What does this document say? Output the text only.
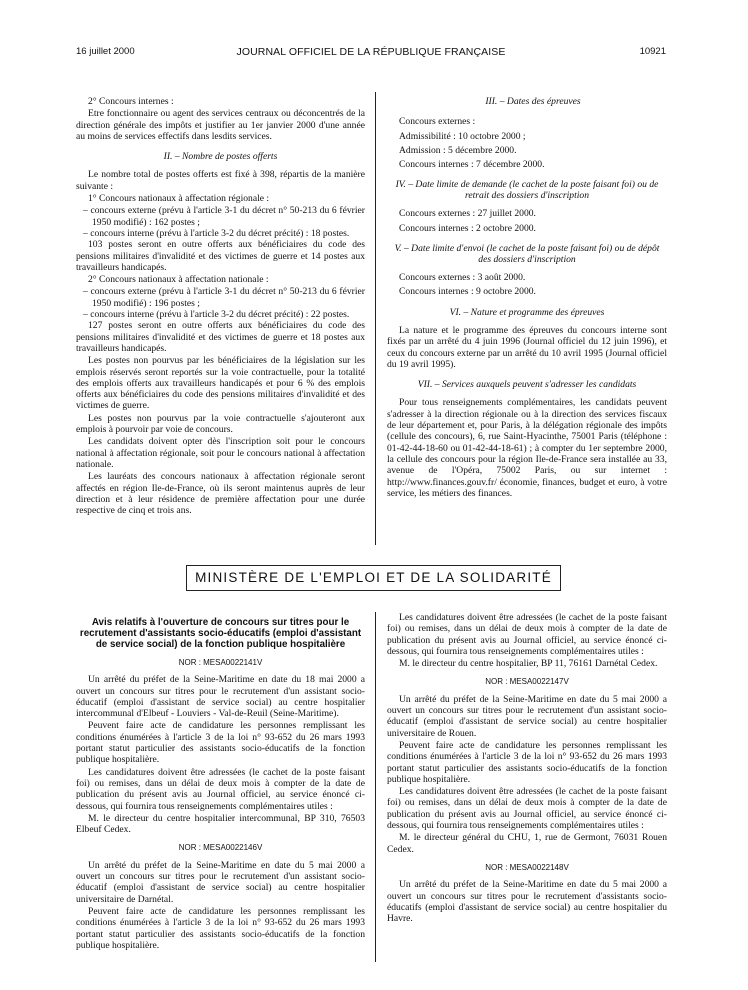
16 juillet 2000	JOURNAL OFFICIEL DE LA RÉPUBLIQUE FRANÇAISE	10921

2° Concours internes :

Etre fonctionnaire ou agent des services centraux ou déconcentrés de la direction générale des impôts et justifier au 1er janvier 2000 d'une année au moins de services effectifs dans lesdits services.

II. – Nombre de postes offerts

Le nombre total de postes offerts est fixé à 398, répartis de la manière suivante :

1° Concours nationaux à affectation régionale :

– concours externe (prévu à l'article 3-1 du décret n° 50-213 du 6 février 1950 modifié) : 162 postes ;
– concours interne (prévu à l'article 3-2 du décret précité) : 18 postes.

103 postes seront en outre offerts aux bénéficiaires du code des pensions militaires d'invalidité et des victimes de guerre et 14 postes aux travailleurs handicapés.

2° Concours nationaux à affectation nationale :

– concours externe (prévu à l'article 3-1 du décret n° 50-213 du 6 février 1950 modifié) : 196 postes ;
– concours interne (prévu à l'article 3-2 du décret précité) : 22 postes.

127 postes seront en outre offerts aux bénéficiaires du code des pensions militaires d'invalidité et des victimes de guerre et 18 postes aux travailleurs handicapés.

Les postes non pourvus par les bénéficiaires de la législation sur les emplois réservés seront reportés sur la voie contractuelle, pour la totalité des emplois offerts aux travailleurs handicapés et pour 6 % des emplois offerts aux bénéficiaires du code des pensions militaires d'invalidité et des victimes de guerre.

Les postes non pourvus par la voie contractuelle s'ajouteront aux emplois à pourvoir par voie de concours.

Les candidats doivent opter dès l'inscription soit pour le concours national à affectation régionale, soit pour le concours national à affectation nationale.

Les lauréats des concours nationaux à affectation régionale seront affectés en région Ile-de-France, où ils seront maintenus auprès de leur direction et à leur résidence de première affectation pour une durée respective de cinq et trois ans.

III. – Dates des épreuves

Concours externes :

Admissibilité : 10 octobre 2000 ;

Admission : 5 décembre 2000.

Concours internes : 7 décembre 2000.

IV. – Date limite de demande (le cachet de la poste faisant foi) ou de retrait des dossiers d'inscription

Concours externes : 27 juillet 2000.

Concours internes : 2 octobre 2000.

V. – Date limite d'envoi (le cachet de la poste faisant foi) ou de dépôt des dossiers d'inscription

Concours externes : 3 août 2000.

Concours internes : 9 octobre 2000.

VI. – Nature et programme des épreuves

La nature et le programme des épreuves du concours interne sont fixés par un arrêté du 4 juin 1996 (Journal officiel du 12 juin 1996), et ceux du concours externe par un arrêté du 10 avril 1995 (Journal officiel du 19 avril 1995).

VII. – Services auxquels peuvent s'adresser les candidats

Pour tous renseignements complémentaires, les candidats peuvent s'adresser à la direction régionale ou à la direction des services fiscaux de leur département et, pour Paris, à la délégation régionale des impôts (cellule des concours), 6, rue Saint-Hyacinthe, 75001 Paris (téléphone : 01-42-44-18-60 ou 01-42-44-18-61) ; à compter du 1er septembre 2000, la cellule des concours pour la région Ile-de-France sera installée au 33, avenue de l'Opéra, 75002 Paris, ou sur internet : http://www.finances.gouv.fr/ économie, finances, budget et euro, à votre service, les métiers des finances.

MINISTÈRE DE L'EMPLOI ET DE LA SOLIDARITÉ

Avis relatifs à l'ouverture de concours sur titres pour le recrutement d'assistants socio-éducatifs (emploi d'assistant de service social) de la fonction publique hospitalière

NOR : MESA0022141V

Un arrêté du préfet de la Seine-Maritime en date du 18 mai 2000 a ouvert un concours sur titres pour le recrutement d'un assistant socio-éducatif (emploi d'assistant de service social) au centre hospitalier intercommunal d'Elbeuf - Louviers - Val-de-Reuil (Seine-Maritime).

Peuvent faire acte de candidature les personnes remplissant les conditions énumérées à l'article 3 de la loi n° 93-652 du 26 mars 1993 portant statut particulier des assistants socio-éducatifs de la fonction publique hospitalière.

Les candidatures doivent être adressées (le cachet de la poste faisant foi) ou remises, dans un délai de deux mois à compter de la date de publication du présent avis au Journal officiel, au service énoncé ci-dessous, qui fournira tous renseignements complémentaires utiles :

M. le directeur du centre hospitalier intercommunal, BP 310, 76503 Elbeuf Cedex.

NOR : MESA0022146V

Un arrêté du préfet de la Seine-Maritime en date du 5 mai 2000 a ouvert un concours sur titres pour le recrutement d'un assistant socio-éducatif (emploi d'assistant de service social) au centre hospitalier universitaire de Darnétal.

Peuvent faire acte de candidature les personnes remplissant les conditions énumérées à l'article 3 de la loi n° 93-652 du 26 mars 1993 portant statut particulier des assistants socio-éducatifs de la fonction publique hospitalière.

Les candidatures doivent être adressées (le cachet de la poste faisant foi) ou remises, dans un délai de deux mois à compter de la date de publication du présent avis au Journal officiel, au service énoncé ci-dessous, qui fournira tous renseignements complémentaires utiles :

M. le directeur du centre hospitalier, BP 11, 76161 Darnétal Cedex.

NOR : MESA0022147V

Un arrêté du préfet de la Seine-Maritime en date du 5 mai 2000 a ouvert un concours sur titres pour le recrutement d'un assistant socio-éducatif (emploi d'assistant de service social) au centre hospitalier universitaire de Rouen.

Peuvent faire acte de candidature les personnes remplissant les conditions énumérées à l'article 3 de la loi n° 93-652 du 26 mars 1993 portant statut particulier des assistants socio-éducatifs de la fonction publique hospitalière.

Les candidatures doivent être adressées (le cachet de la poste faisant foi) ou remises, dans un délai de deux mois à compter de la date de publication du présent avis au Journal officiel, au service énoncé ci-dessous, qui fournira tous renseignements complémentaires utiles :

M. le directeur général du CHU, 1, rue de Germont, 76031 Rouen Cedex.

NOR : MESA0022148V

Un arrêté du préfet de la Seine-Maritime en date du 5 mai 2000 a ouvert un concours sur titres pour le recrutement d'assistants socio-éducatifs (emploi d'assistant de service social) au centre hospitalier du Havre.
